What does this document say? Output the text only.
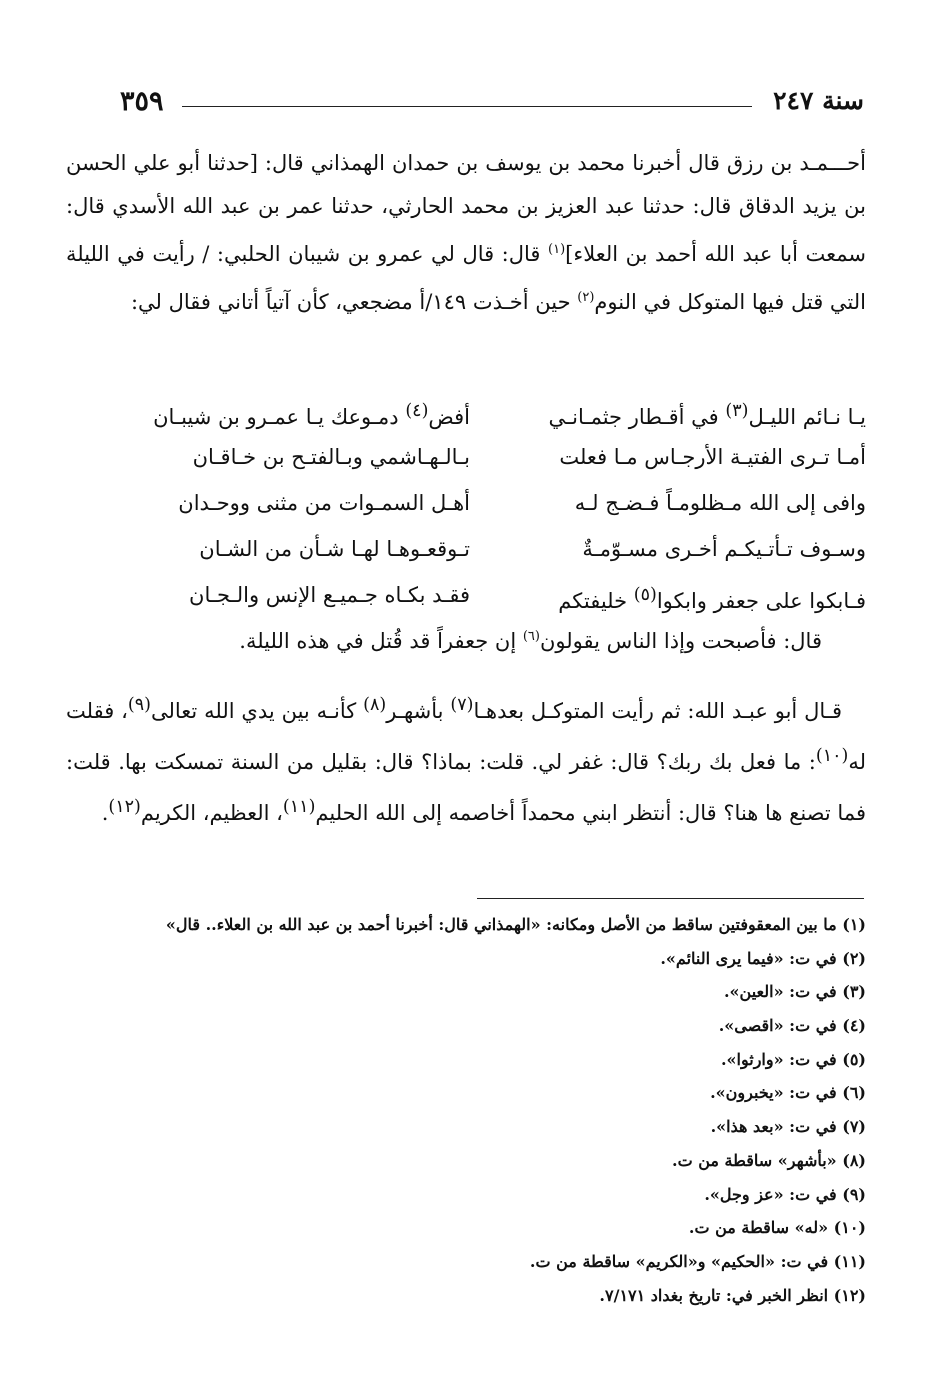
سنة ٢٤٧
٣٥٩

أحـــمـد بن رزق قال أخبرنا محمد بن يوسف بن حمدان الهمذاني قال: [حدثنا أبو علي الحسن بن يزيد الدقاق قال: حدثنا عبد العزيز بن محمد الحارثي، حدثنا عمر بن عبد الله الأسدي قال: سمعت أبا عبد الله أحمد بن العلاء]$^{(١)}$ قال: قال لي عمرو بن شيبان الحلبي: / رأيت في الليلة التي قتل فيها المتوكل في النوم$^{(٢)}$ حين أخـذت ١٤٩/أ مضجعي، كأن آتياً أتاني فقال لي:

يـا نـائم الليـل$^{(٣)}$ في أقـطار جثمـانـي
أفض$^{(٤)}$ دمـوعك يـا عمـرو بن شيبـان
أمـا تـرى الفتيـة الأرجـاس مـا فعلت
بـالـهـاشمي وبـالفتـح بن خـاقـان
وافى إلى الله مـظلومـاً فـضـج لـه
أهـل السمـوات من مثنى ووحـدان
وسـوف تـأتـيكـم أخـرى مسـوّمـةٌ
تـوقعـوهـا لهـا شـأن من الشـان
فـابكوا على جعفر وابكوا$^{(٥)}$ خليفتكم
فقـد بكـاه جـميـع الإنس والـجـان

قال: فأصبحت وإذا الناس يقولون$^{(٦)}$ إن جعفراً قد قُتل في هذه الليلة.

قـال أبو عبـد الله: ثم رأيت المتوكـل بعدهـا$^{(٧)}$ بأشهـر$^{(٨)}$ كأنـه بين يدي الله تعالى$^{(٩)}$، فقلت له$^{(١٠)}$: ما فعل بك ربك؟ قال: غفر لي. قلت: بماذا؟ قال: بقليل من السنة تمسكت بها. قلت: فما تصنع ها هنا؟ قال: أنتظر ابني محمداً أخاصمه إلى الله الحليم$^{(١١)}$، العظيم، الكريم$^{(١٢)}$.

(١) ما بين المعقوفتين ساقط من الأصل ومكانه: «الهمذاني قال: أخبرنا أحمد بن عبد الله بن العلاء.. قال»
(٢) في ت: «فيما يرى النائم».
(٣) في ت: «العين».
(٤) في ت: «اقصى».
(٥) في ت: «وارثوا».
(٦) في ت: «يخبرون».
(٧) في ت: «بعد هذا».
(٨) «بأشهر» ساقطة من ت.
(٩) في ت: «عز وجل».
(١٠) «له» ساقطة من ت.
(١١) في ت: «الحكيم» و«الكريم» ساقطة من ت.
(١٢) انظر الخبر في: تاريخ بغداد ٧/١٧١.
